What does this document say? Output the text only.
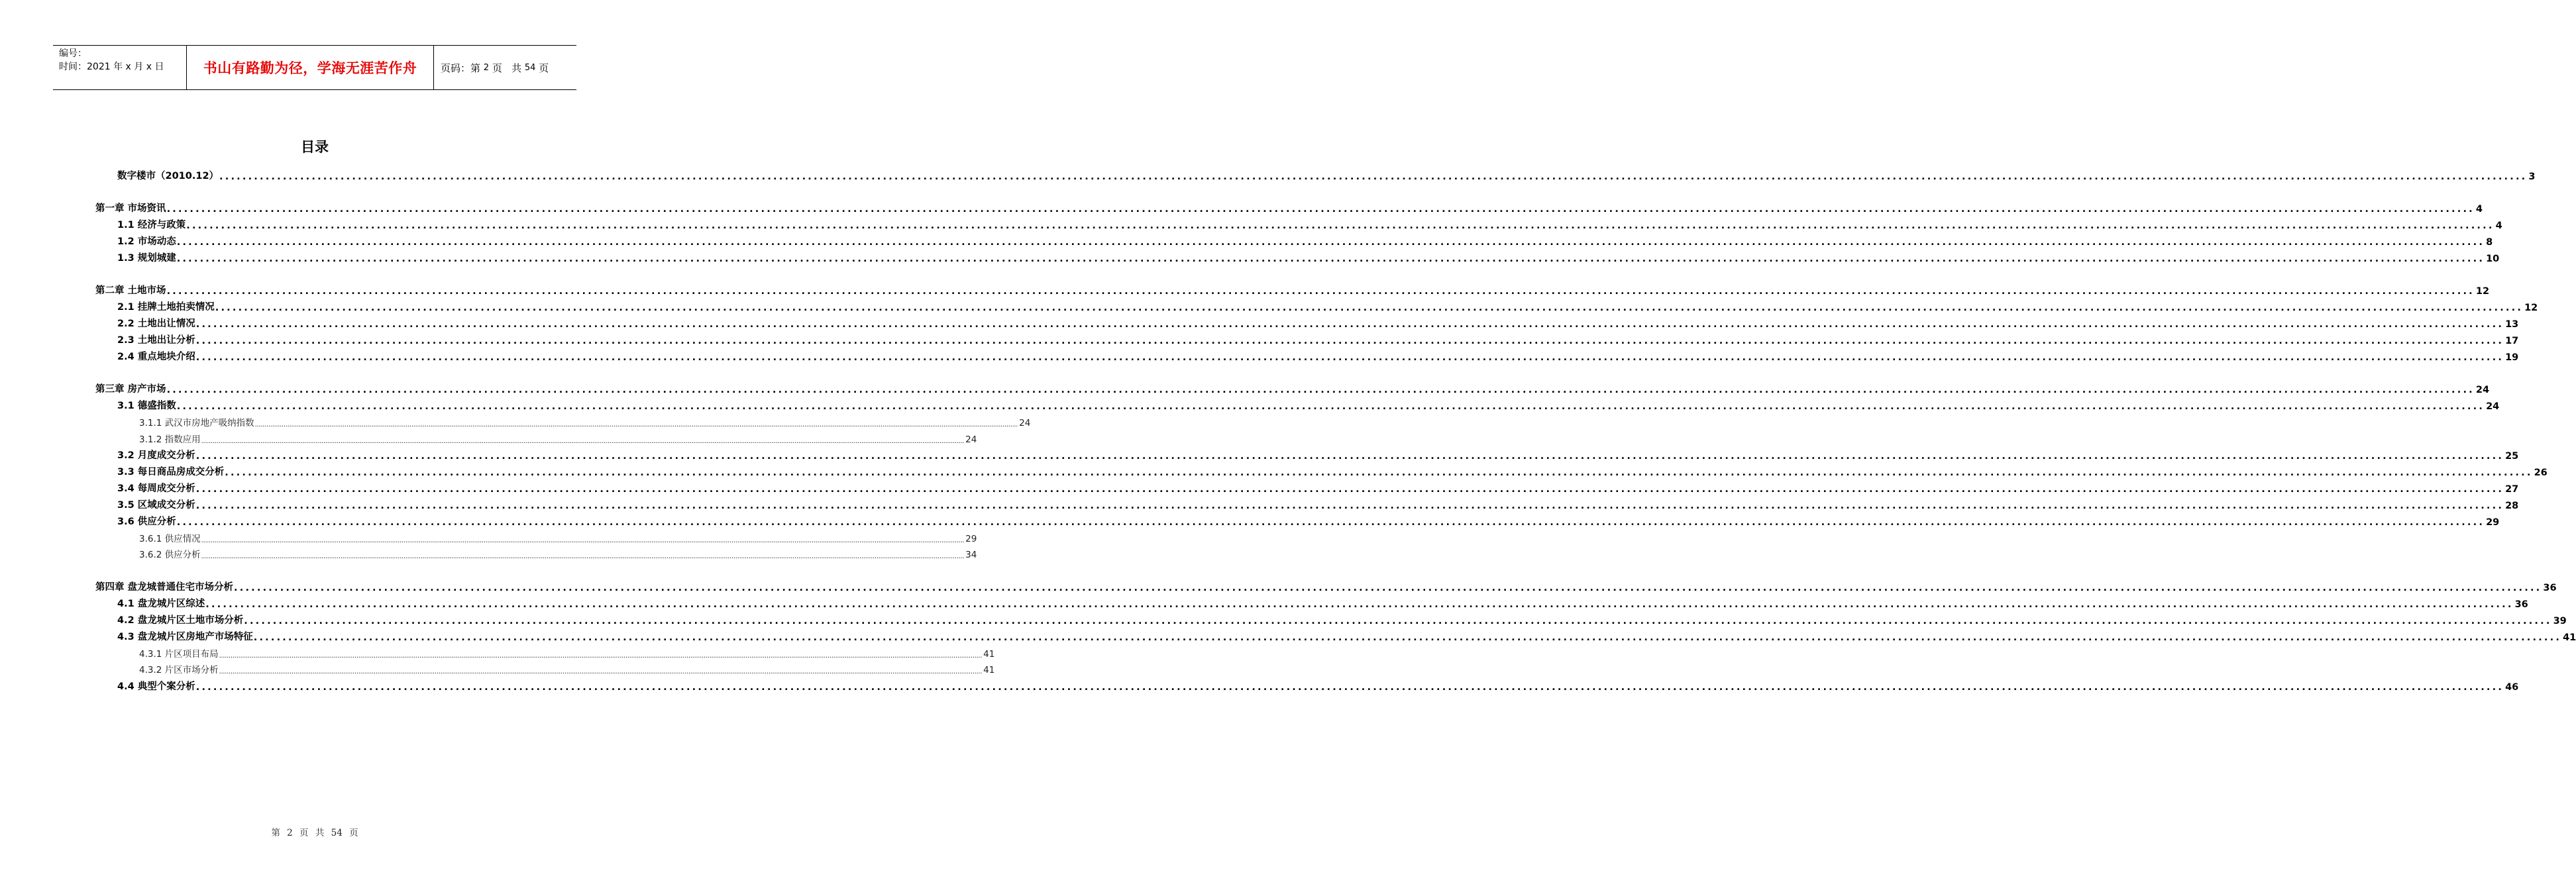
编号：
时间：2021 年 x 月 x 日	书山有路勤为径，学海无涯苦作舟 页码：第 2 页   共 54 页
目录
数字楼市（2010.12） ................................................................................................................................................................................................................................................................................................................................................................................................................ 3
第一章 市场资讯 ................................................................................................................................................................................................................................................................................................................................................................................................................ 4
1.1 经济与政策 ................................................................................................................................................................................................................................................................................................................................................................................................................ 4
1.2 市场动态 ................................................................................................................................................................................................................................................................................................................................................................................................................ 8
1.3 规划城建 ................................................................................................................................................................................................................................................................................................................................................................................................................ 10
第二章 土地市场 ................................................................................................................................................................................................................................................................................................................................................................................................................ 12
2.1 挂牌土地拍卖情况 ................................................................................................................................................................................................................................................................................................................................................................................................................ 12
2.2 土地出让情况 ................................................................................................................................................................................................................................................................................................................................................................................................................ 13
2.3 土地出让分析 ................................................................................................................................................................................................................................................................................................................................................................................................................ 17
2.4 重点地块介绍 ................................................................................................................................................................................................................................................................................................................................................................................................................ 19
第三章 房产市场 ................................................................................................................................................................................................................................................................................................................................................................................................................ 24
3.1 德盛指数 ................................................................................................................................................................................................................................................................................................................................................................................................................ 24
3.1.1 武汉市房地产吸纳指数 ................................................................................................................................................................................................................................................................................................................................................................................................................ 24
3.1.2 指数应用 ................................................................................................................................................................................................................................................................................................................................................................................................................ 24
3.2 月度成交分析 ................................................................................................................................................................................................................................................................................................................................................................................................................ 25
3.3 每日商品房成交分析 ................................................................................................................................................................................................................................................................................................................................................................................................................ 26
3.4 每周成交分析 ................................................................................................................................................................................................................................................................................................................................................................................................................ 27
3.5 区域成交分析 ................................................................................................................................................................................................................................................................................................................................................................................................................ 28
3.6 供应分析 ................................................................................................................................................................................................................................................................................................................................................................................................................ 29
3.6.1 供应情况 ................................................................................................................................................................................................................................................................................................................................................................................................................ 29
3.6.2 供应分析 ................................................................................................................................................................................................................................................................................................................................................................................................................ 34
第四章 盘龙城普通住宅市场分析 ................................................................................................................................................................................................................................................................................................................................................................................................................ 36
4.1 盘龙城片区综述 ................................................................................................................................................................................................................................................................................................................................................................................................................ 36
4.2 盘龙城片区土地市场分析 ................................................................................................................................................................................................................................................................................................................................................................................................................ 39
4.3 盘龙城片区房地产市场特征 ................................................................................................................................................................................................................................................................................................................................................................................................................ 41
4.3.1 片区项目布局 ................................................................................................................................................................................................................................................................................................................................................................................................................ 41
4.3.2 片区市场分析 ................................................................................................................................................................................................................................................................................................................................................................................................................ 41
4.4 典型个案分析 ................................................................................................................................................................................................................................................................................................................................................................................................................ 46
第 2 页 共 54 页
